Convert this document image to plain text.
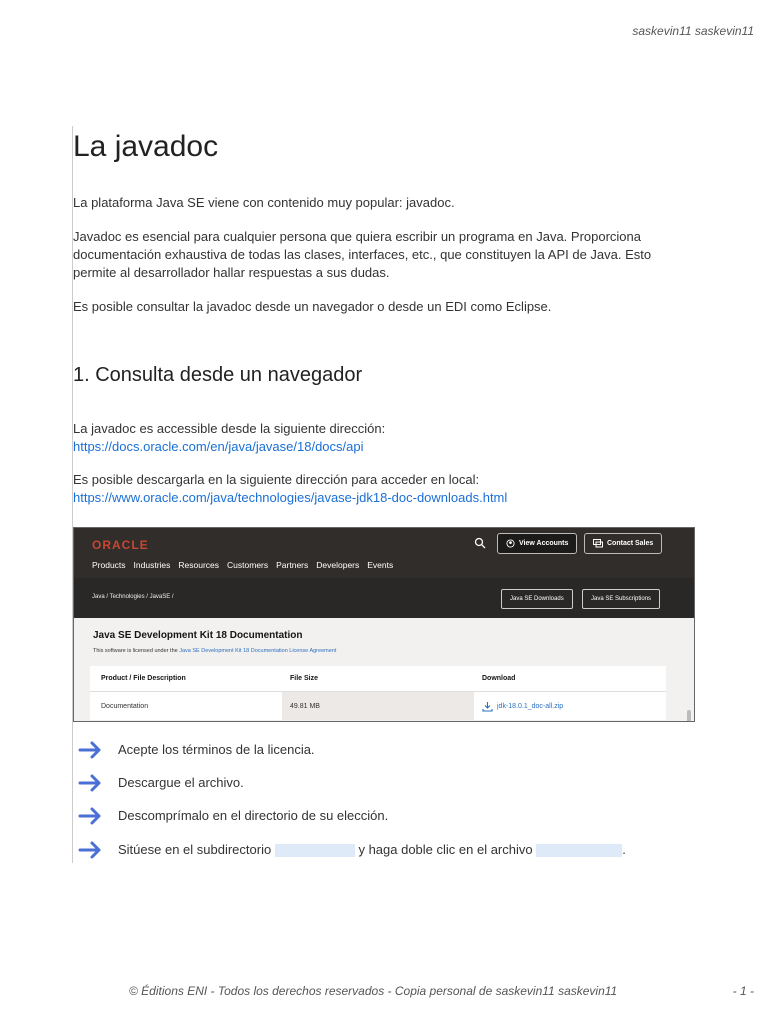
saskevin11 saskevin11
La javadoc

La plataforma Java SE viene con contenido muy popular: javadoc.

Javadoc es esencial para cualquier persona que quiera escribir un programa en Java. Proporciona documentación exhaustiva de todas las clases, interfaces, etc., que constituyen la API de Java. Esto permite al desarrollador hallar respuestas a sus dudas.

Es posible consultar la javadoc desde un navegador o desde un EDI como Eclipse.

1. Consulta desde un navegador

La javadoc es accessible desde la siguiente dirección:
https://docs.oracle.com/en/java/javase/18/docs/api

Es posible descargarla en la siguiente dirección para acceder en local:
https://www.oracle.com/java/technologies/javase-jdk18-doc-downloads.html

ORACLE
Products Industries Resources Customers Partners Developers Events
View Accounts	Contact Sales
Java / Technologies / JavaSE /	Java SE Downloads	Java SE Subscriptions
Java SE Development Kit 18 Documentation
This software is licensed under the Java SE Development Kit 18 Documentation License Agreement
Product / File Description	File Size	Download
Documentation	49.81 MB	jdk-18.0.1_doc-all.zip
Acepte los términos de la licencia.
Descargue el archivo.
Descomprímalo en el directorio de su elección.
Sitúese en el subdirectorio	y haga doble clic en el archivo	.
© Éditions ENI - Todos los derechos reservados - Copia personal de saskevin11 saskevin11	- 1 -
